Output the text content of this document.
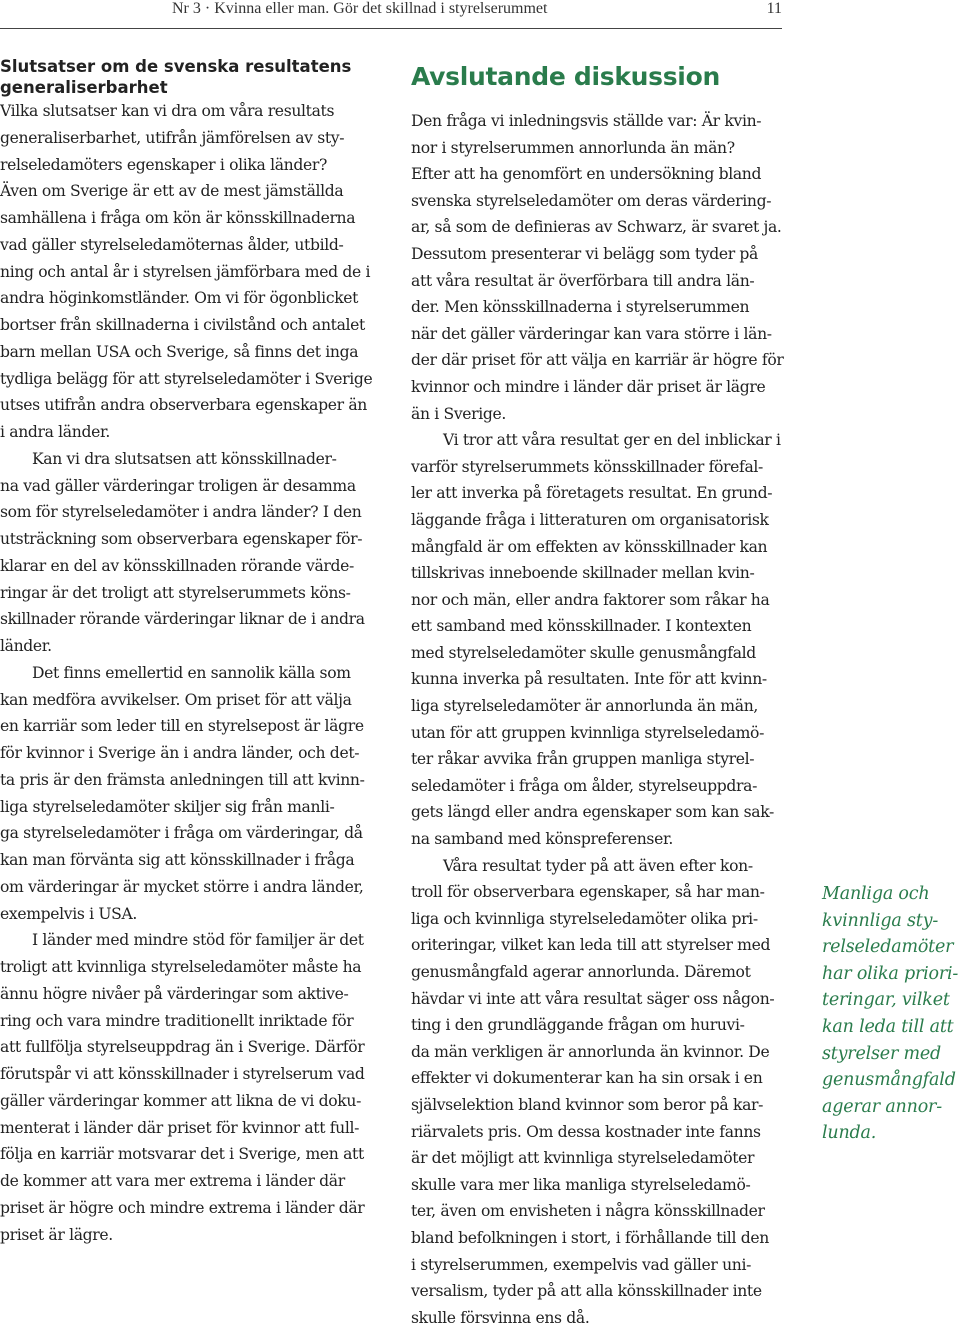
Nr 3 · Kvinna eller man. Gör det skillnad i styrelserummet	11
Slutsatser om de svenska resultatens
generaliserbarhet
Vilka slutsatser kan vi dra om våra resultats
generaliserbarhet, utifrån jämförelsen av sty-
relseledamöters egenskaper i olika länder?
Även om Sverige är ett av de mest jämställda
samhällena i fråga om kön är könsskillnaderna
vad gäller styrelseledamöternas ålder, utbild-
ning och antal år i styrelsen jämförbara med de i
andra höginkomstländer. Om vi för ögonblicket
bortser från skillnaderna i civilstånd och antalet
barn mellan USA och Sverige, så finns det inga
tydliga belägg för att styrelseledamöter i Sverige
utses utifrån andra observerbara egenskaper än
i andra länder.
Kan vi dra slutsatsen att könsskillnader-
na vad gäller värderingar troligen är desamma
som för styrelseledamöter i andra länder? I den
utsträckning som observerbara egenskaper för-
klarar en del av könsskillnaden rörande värde-
ringar är det troligt att styrelserummets köns-
skillnader rörande värderingar liknar de i andra
länder.
Det finns emellertid en sannolik källa som
kan medföra avvikelser. Om priset för att välja
en karriär som leder till en styrelsepost är lägre
för kvinnor i Sverige än i andra länder, och det-
ta pris är den främsta anledningen till att kvinn-
liga styrelseledamöter skiljer sig från manli-
ga styrelseledamöter i fråga om värderingar, då
kan man förvänta sig att könsskillnader i fråga
om värderingar är mycket större i andra länder,
exempelvis i USA.
I länder med mindre stöd för familjer är det
troligt att kvinnliga styrelseledamöter måste ha
ännu högre nivåer på värderingar som aktive-
ring och vara mindre traditionellt inriktade för
att fullfölja styrelseuppdrag än i Sverige. Därför
förutspår vi att könsskillnader i styrelserum vad
gäller värderingar kommer att likna de vi doku-
menterat i länder där priset för kvinnor att full-
följa en karriär motsvarar det i Sverige, men att
de kommer att vara mer extrema i länder där
priset är högre och mindre extrema i länder där
priset är lägre.
Avslutande diskussion
Den fråga vi inledningsvis ställde var: Är kvin-
nor i styrelserummen annorlunda än män?
Efter att ha genomfört en undersökning bland
svenska styrelseledamöter om deras värdering-
ar, så som de definieras av Schwarz, är svaret ja.
Dessutom presenterar vi belägg som tyder på
att våra resultat är överförbara till andra län-
der. Men könsskillnaderna i styrelserummen
när det gäller värderingar kan vara större i län-
der där priset för att välja en karriär är högre för
kvinnor och mindre i länder där priset är lägre
än i Sverige.
Vi tror att våra resultat ger en del inblickar i
varför styrelserummets könsskillnader förefal-
ler att inverka på företagets resultat. En grund-
läggande fråga i litteraturen om organisatorisk
mångfald är om effekten av könsskillnader kan
tillskrivas inneboende skillnader mellan kvin-
nor och män, eller andra faktorer som råkar ha
ett samband med könsskillnader. I kontexten
med styrelseledamöter skulle genusmångfald
kunna inverka på resultaten. Inte för att kvinn-
liga styrelseledamöter är annorlunda än män,
utan för att gruppen kvinnliga styrelseledamö-
ter råkar avvika från gruppen manliga styrel-
seledamöter i fråga om ålder, styrelseuppdra-
gets längd eller andra egenskaper som kan sak-
na samband med könspreferenser.
Våra resultat tyder på att även efter kon-
troll för observerbara egenskaper, så har man-
liga och kvinnliga styrelseledamöter olika pri-
oriteringar, vilket kan leda till att styrelser med
genusmångfald agerar annorlunda. Däremot
hävdar vi inte att våra resultat säger oss någon-
ting i den grundläggande frågan om huruvi-
da män verkligen är annorlunda än kvinnor. De
effekter vi dokumenterar kan ha sin orsak i en
självselektion bland kvinnor som beror på kar-
riärvalets pris. Om dessa kostnader inte fanns
är det möjligt att kvinnliga styrelseledamöter
skulle vara mer lika manliga styrelseledamö-
ter, även om envisheten i några könsskillnader
bland befolkningen i stort, i förhållande till den
i styrelserummen, exempelvis vad gäller uni-
versalism, tyder på att alla könsskillnader inte
skulle försvinna ens då.
Manliga och
kvinnliga sty-
relseledamöter
har olika priori-
teringar, vilket
kan leda till att
styrelser med
genusmångfald
agerar annor-
lunda.
